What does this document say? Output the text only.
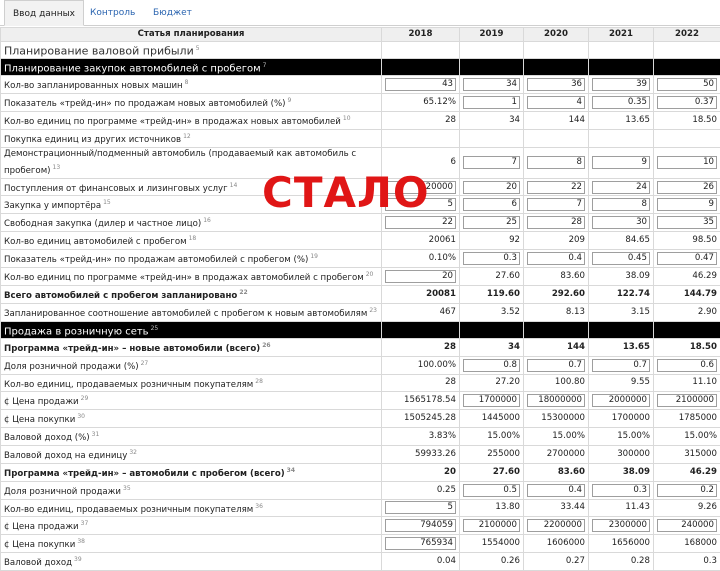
Ввод данных	Контроль Бюджет
Статья планирования	2018	2019	2020	2021	2022
Планирование валовой прибыли $^5$					
Планирование закупок автомобилей с пробегом $^7$					
Кол-во запланированных новых машин $^8$	43	34	36	39	50

Показатель «трейд-ин» по продажам новых автомобилей (%) $^9$	65.12%	1	4	0.35	0.37

Кол-во единиц по программе «трейд-ин» в продажах новых автомобилей $^{10}$	28	34	144	13.65	18.50
Покупка единиц из других источников $^{12}$					
Демонстрационный/подменный автомобиль (продаваемый как автомобиль с пробегом) $^{13}$	6	7	8	9	10

Поступления от финансовых и лизинговых услуг $^{14}$	20000	20	22	24	26

Закупка у импортёра $^{15}$	5	6	7	8	9

Свободная закупка (дилер и частное лицо) $^{16}$	22	25	28	30	35

Кол-во единиц автомобилей с пробегом $^{18}$	20061	92	209	84.65	98.50
Показатель «трейд-ин» по продажам автомобилей с пробегом (%) $^{19}$	0.10%	0.3	0.4	0.45	0.47

Кол-во единиц по программе «трейд-ин» в продажах автомобилей с пробегом $^{20}$	20	27.60	83.60	38.09	46.29
Всего автомобилей с пробегом запланировано $^{22}$	20081	119.60	292.60	122.74	144.79
Запланированное соотношение автомобилей с пробегом к новым автомобилям $^{23}$	467	3.52	8.13	3.15	2.90
Продажа в розничную сеть $^{25}$					
Программа «трейд-ин» – новые автомобили (всего) $^{26}$	28	34	144	13.65	18.50
Доля розничной продажи (%) $^{27}$	100.00%	0.8	0.7	0.7	0.6

Кол-во единиц, продаваемых розничным покупателям $^{28}$	28	27.20	100.80	9.55	11.10
¢ Цена продажи $^{29}$	1565178.54	1700000	18000000	2000000	2100000

¢ Цена покупки $^{30}$	1505245.28	1445000	15300000	1700000	1785000
Валовой доход (%) $^{31}$	3.83%	15.00%	15.00%	15.00%	15.00%
Валовой доход на единицу $^{32}$	59933.26	255000	2700000	300000	315000
Программа «трейд-ин» – автомобили с пробегом (всего) $^{34}$	20	27.60	83.60	38.09	46.29
Доля розничной продажи $^{35}$	0.25	0.5	0.4	0.3	0.2

Кол-во единиц, продаваемых розничным покупателям $^{36}$	5	13.80	33.44	11.43	9.26
¢ Цена продажи $^{37}$	794059	2100000	2200000	2300000	240000

¢ Цена покупки $^{38}$	765934	1554000	1606000	1656000	168000
Валовой доход $^{39}$	0.04	0.26	0.27	0.28	0.3
СТАЛО
